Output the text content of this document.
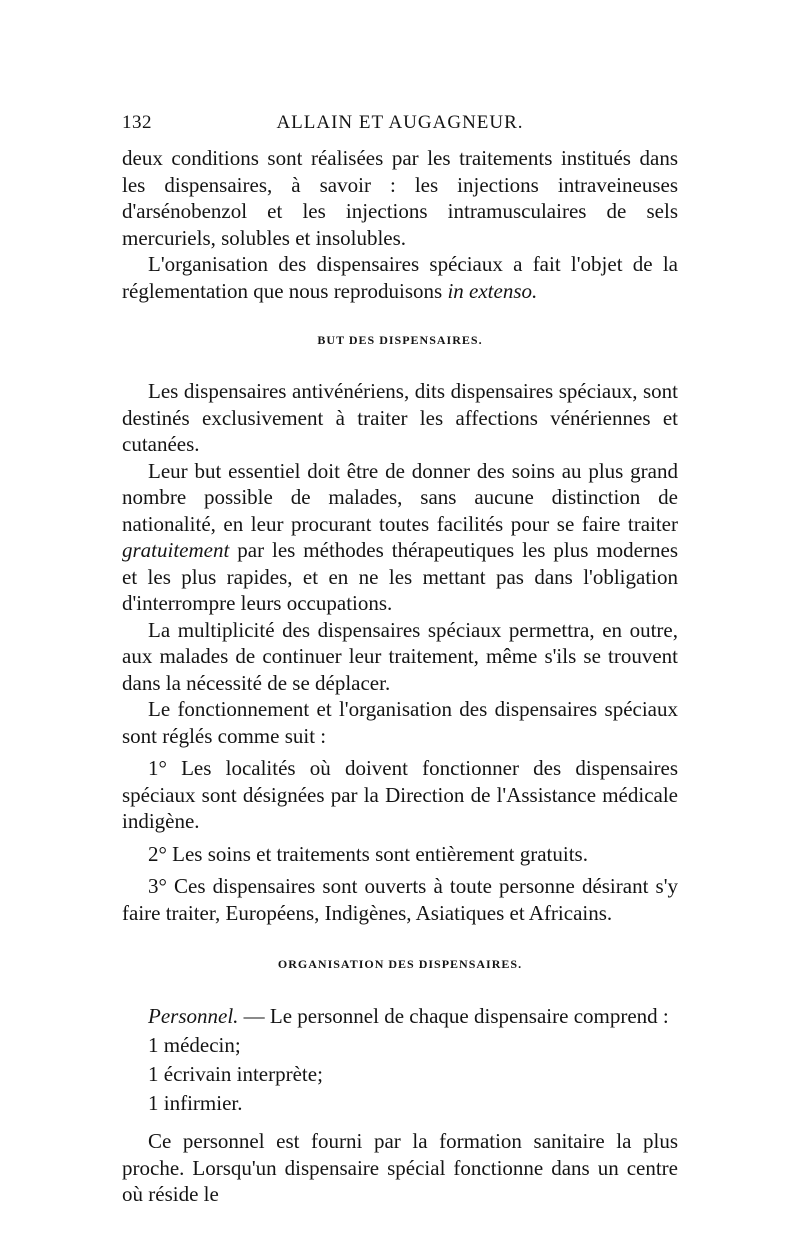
132	ALLAIN ET AUGAGNEUR.

deux conditions sont réalisées par les traitements institués dans les dispensaires, à savoir : les injections intraveineuses d'arsénobenzol et les injections intramusculaires de sels mercuriels, solubles et insolubles.

L'organisation des dispensaires spéciaux a fait l'objet de la réglementation que nous reproduisons in extenso.

BUT DES DISPENSAIRES.

Les dispensaires antivénériens, dits dispensaires spéciaux, sont destinés exclusivement à traiter les affections vénériennes et cutanées.

Leur but essentiel doit être de donner des soins au plus grand nombre possible de malades, sans aucune distinction de nationalité, en leur procurant toutes facilités pour se faire traiter gratuitement par les méthodes thérapeutiques les plus modernes et les plus rapides, et en ne les mettant pas dans l'obligation d'interrompre leurs occupations.

La multiplicité des dispensaires spéciaux permettra, en outre, aux malades de continuer leur traitement, même s'ils se trouvent dans la nécessité de se déplacer.

Le fonctionnement et l'organisation des dispensaires spéciaux sont réglés comme suit :

1° Les localités où doivent fonctionner des dispensaires spéciaux sont désignées par la Direction de l'Assistance médicale indigène.

2° Les soins et traitements sont entièrement gratuits.

3° Ces dispensaires sont ouverts à toute personne désirant s'y faire traiter, Européens, Indigènes, Asiatiques et Africains.

ORGANISATION DES DISPENSAIRES.

Personnel. — Le personnel de chaque dispensaire comprend :

1 médecin;

1 écrivain interprète;

1 infirmier.

Ce personnel est fourni par la formation sanitaire la plus proche. Lorsqu'un dispensaire spécial fonctionne dans un centre où réside le
